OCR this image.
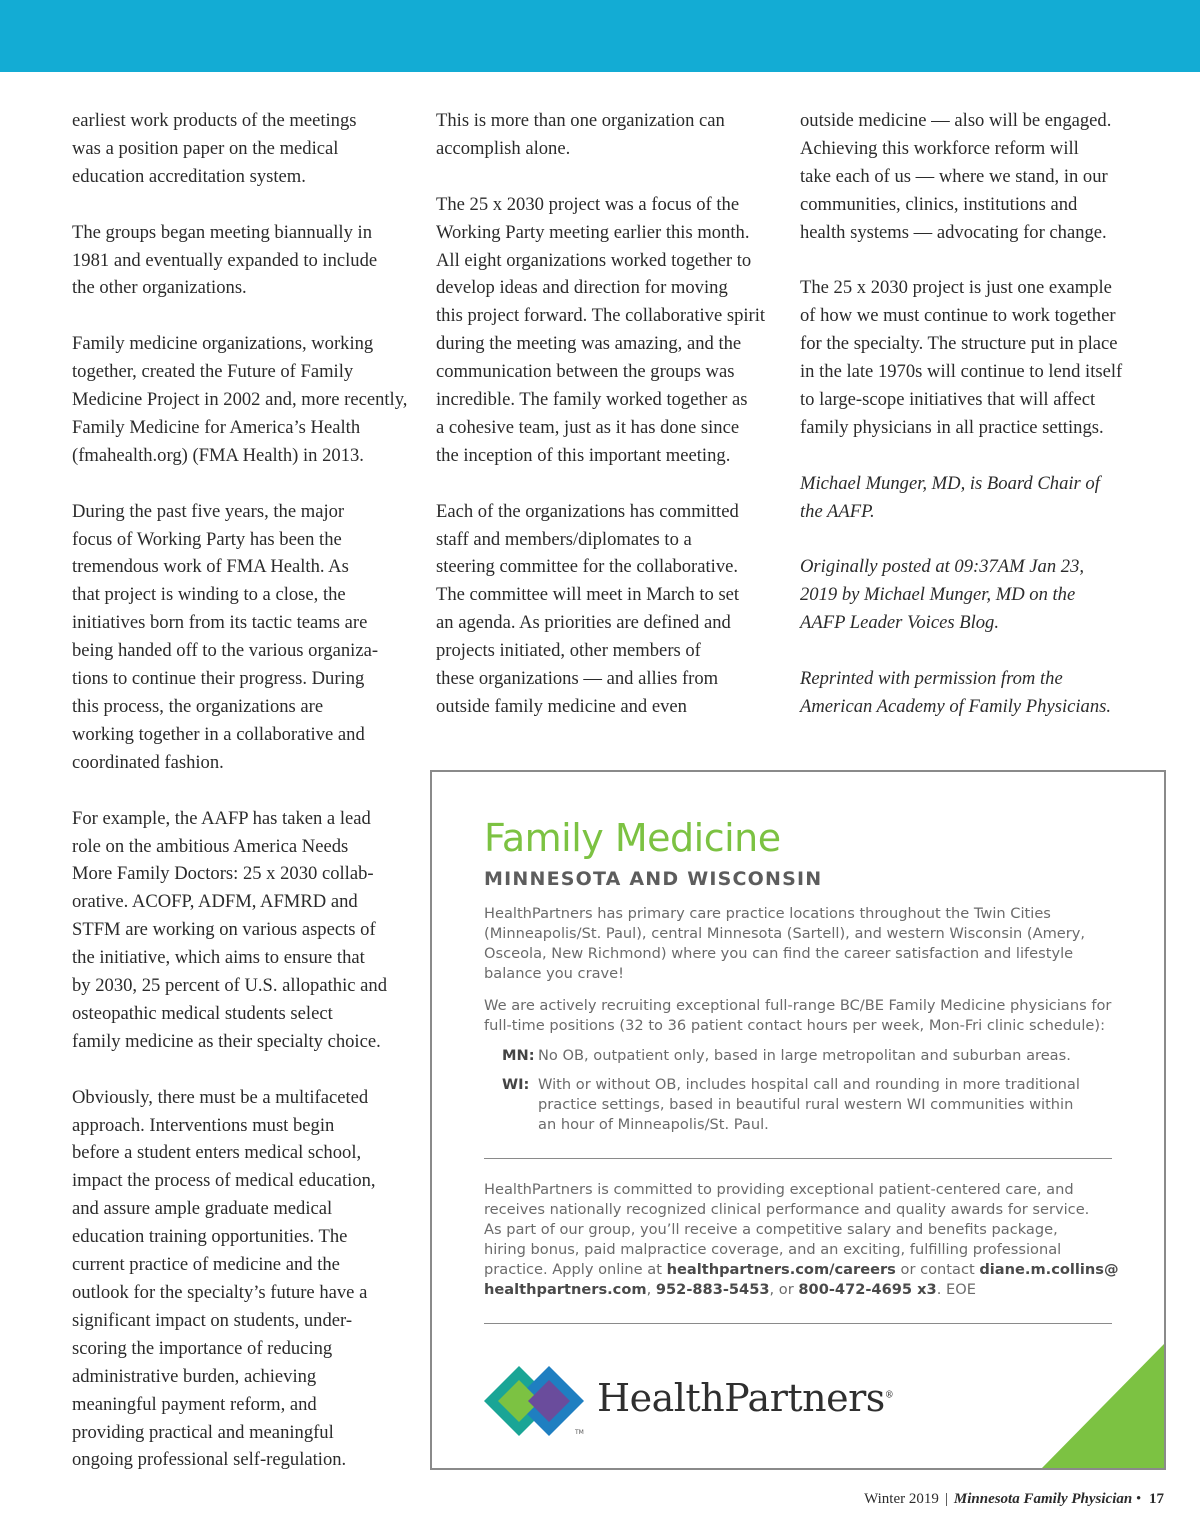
earliest work products of the meetings
was a position paper on the medical
education accreditation system.

The groups began meeting biannually in
1981 and eventually expanded to include
the other organizations.

Family medicine organizations, working
together, created the Future of Family
Medicine Project in 2002 and, more recently,
Family Medicine for America’s Health
(fmahealth.org) (FMA Health) in 2013.

During the past five years, the major
focus of Working Party has been the
tremendous work of FMA Health. As
that project is winding to a close, the
initiatives born from its tactic teams are
being handed off to the various organiza-
tions to continue their progress. During
this process, the organizations are
working together in a collaborative and
coordinated fashion.

For example, the AAFP has taken a lead
role on the ambitious America Needs
More Family Doctors: 25 x 2030 collab-
orative. ACOFP, ADFM, AFMRD and
STFM are working on various aspects of
the initiative, which aims to ensure that
by 2030, 25 percent of U.S. allopathic and
osteopathic medical students select
family medicine as their specialty choice.

Obviously, there must be a multifaceted
approach. Interventions must begin
before a student enters medical school,
impact the process of medical education,
and assure ample graduate medical
education training opportunities. The
current practice of medicine and the
outlook for the specialty’s future have a
significant impact on students, under-
scoring the importance of reducing
administrative burden, achieving
meaningful payment reform, and
providing practical and meaningful
ongoing professional self-regulation.

This is more than one organization can
accomplish alone.

The 25 x 2030 project was a focus of the
Working Party meeting earlier this month.
All eight organizations worked together to
develop ideas and direction for moving
this project forward. The collaborative spirit
during the meeting was amazing, and the
communication between the groups was
incredible. The family worked together as
a cohesive team, just as it has done since
the inception of this important meeting.

Each of the organizations has committed
staff and members/diplomates to a
steering committee for the collaborative.
The committee will meet in March to set
an agenda. As priorities are defined and
projects initiated, other members of
these organizations — and allies from
outside family medicine and even

outside medicine — also will be engaged.
Achieving this workforce reform will
take each of us — where we stand, in our
communities, clinics, institutions and
health systems — advocating for change.

The 25 x 2030 project is just one example
of how we must continue to work together
for the specialty. The structure put in place
in the late 1970s will continue to lend itself
to large-scope initiatives that will affect
family physicians in all practice settings.

Michael Munger, MD, is Board Chair of
the AAFP.

Originally posted at 09:37AM Jan 23,
2019 by Michael Munger, MD on the
AAFP Leader Voices Blog.

Reprinted with permission from the
American Academy of Family Physicians.

Family Medicine
MINNESOTA AND WISCONSIN
HealthPartners has primary care practice locations throughout the Twin Cities
(Minneapolis/St. Paul), central Minnesota (Sartell), and western Wisconsin (Amery,
Osceola, New Richmond) where you can find the career satisfaction and lifestyle
balance you crave!
We are actively recruiting exceptional full-range BC/BE Family Medicine physicians for
full-time positions (32 to 36 patient contact hours per week, Mon-Fri clinic schedule):
MN: No OB, outpatient only, based in large metropolitan and suburban areas.
WI: With or without OB, includes hospital call and rounding in more traditional
practice settings, based in beautiful rural western WI communities within
an hour of Minneapolis/St. Paul.
HealthPartners is committed to providing exceptional patient-centered care, and
receives nationally recognized clinical performance and quality awards for service.
As part of our group, you’ll receive a competitive salary and benefits package,
hiring bonus, paid malpractice coverage, and an exciting, fulfilling professional
practice. Apply online at healthpartners.com/careers or contact diane.m.collins@
healthpartners.com, 952-883-5453, or 800-472-4695 x3. EOE
TM
HealthPartners®
Winter 2019 | Minnesota Family Physician • 17
